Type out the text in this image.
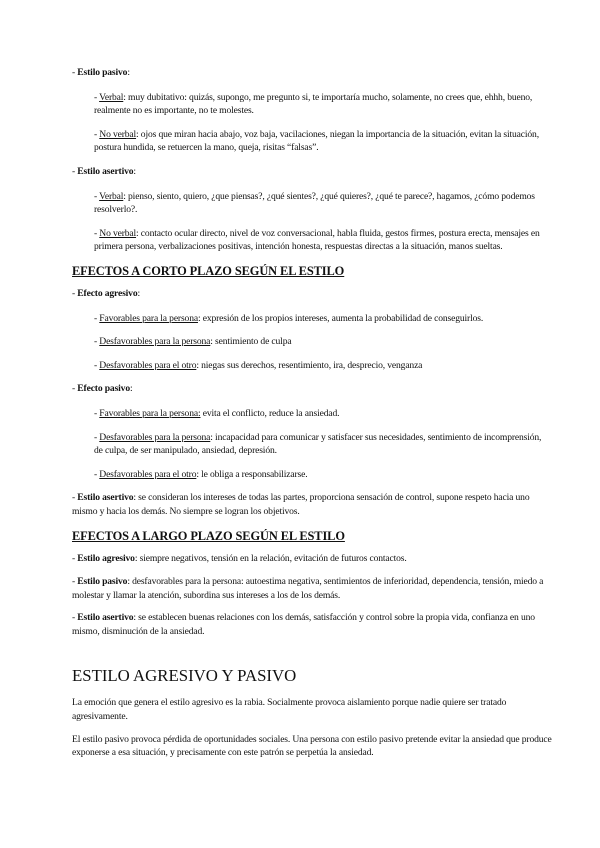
- Estilo pasivo:

- Verbal: muy dubitativo: quizás, supongo, me pregunto si, te importaría mucho, solamente, no crees que, ehhh, bueno, realmente no es importante, no te molestes.

- No verbal: ojos que miran hacia abajo, voz baja, vacilaciones, niegan la importancia de la situación, evitan la situación, postura hundida, se retuercen la mano, queja, risitas “falsas”.

- Estilo asertivo:

- Verbal: pienso, siento, quiero, ¿que piensas?, ¿qué sientes?, ¿qué quieres?, ¿qué te parece?, hagamos, ¿cómo podemos resolverlo?.

- No verbal: contacto ocular directo, nivel de voz conversacional, habla fluida, gestos firmes, postura erecta, mensajes en primera persona, verbalizaciones positivas, intención honesta, respuestas directas a la situación, manos sueltas.

EFECTOS A CORTO PLAZO SEGÚN EL ESTILO

- Efecto agresivo:

- Favorables para la persona: expresión de los propios intereses, aumenta la probabilidad de conseguirlos.

- Desfavorables para la persona: sentimiento de culpa

- Desfavorables para el otro: niegas sus derechos, resentimiento, ira, desprecio, venganza

- Efecto pasivo:

- Favorables para la persona: evita el conflicto, reduce la ansiedad.

- Desfavorables para la persona: incapacidad para comunicar y satisfacer sus necesidades, sentimiento de incomprensión, de culpa, de ser manipulado, ansiedad, depresión.

- Desfavorables para el otro: le obliga a responsabilizarse.

- Estilo asertivo: se consideran los intereses de todas las partes, proporciona sensación de control, supone respeto hacia uno mismo y hacia los demás. No siempre se logran los objetivos.

EFECTOS A LARGO PLAZO SEGÚN EL ESTILO

- Estilo agresivo: siempre negativos, tensión en la relación, evitación de futuros contactos.

- Estilo pasivo: desfavorables para la persona: autoestima negativa, sentimientos de inferioridad, dependencia, tensión, miedo a molestar y llamar la atención, subordina sus intereses a los de los demás.

- Estilo asertivo: se establecen buenas relaciones con los demás, satisfacción y control sobre la propia vida, confianza en uno mismo, disminución de la ansiedad.

ESTILO AGRESIVO Y PASIVO

La emoción que genera el estilo agresivo es la rabia. Socialmente provoca aislamiento porque nadie quiere ser tratado agresivamente.

El estilo pasivo provoca pérdida de oportunidades sociales. Una persona con estilo pasivo pretende evitar la ansiedad que produce exponerse a esa situación, y precisamente con este patrón se perpetúa la ansiedad.
